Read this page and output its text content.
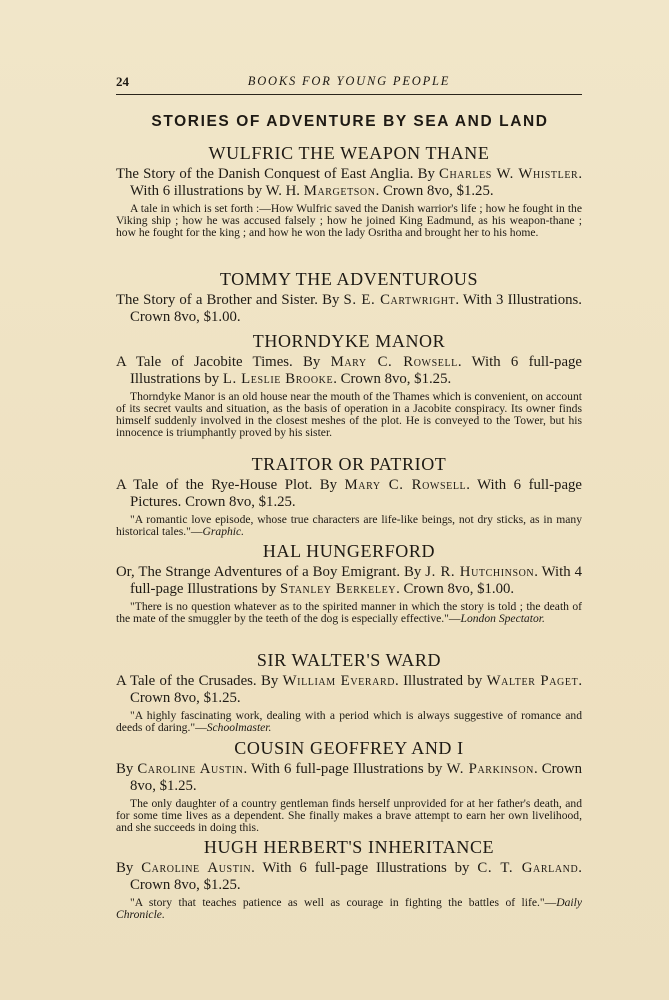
24	BOOKS FOR YOUNG PEOPLE
STORIES OF ADVENTURE BY SEA AND LAND
WULFRIC THE WEAPON THANE
The Story of the Danish Conquest of East Anglia. By Charles W. Whistler. With 6 illustrations by W. H. Margetson. Crown 8vo, $1.25.
A tale in which is set forth :—How Wulfric saved the Danish warrior's life ; how he fought in the Viking ship ; how he was accused falsely ; how he joined King Eadmund, as his weapon-thane ; how he fought for the king ; and how he won the lady Osritha and brought her to his home.
TOMMY THE ADVENTUROUS
The Story of a Brother and Sister. By S. E. Cartwright. With 3 Illustrations. Crown 8vo, $1.00.
THORNDYKE MANOR
A Tale of Jacobite Times. By Mary C. Rowsell. With 6 full-page Illustrations by L. Leslie Brooke. Crown 8vo, $1.25.
Thorndyke Manor is an old house near the mouth of the Thames which is convenient, on account of its secret vaults and situation, as the basis of operation in a Jacobite conspiracy. Its owner finds himself suddenly involved in the closest meshes of the plot. He is conveyed to the Tower, but his innocence is triumphantly proved by his sister.
TRAITOR OR PATRIOT
A Tale of the Rye-House Plot. By Mary C. Rowsell. With 6 full-page Pictures. Crown 8vo, $1.25.
"A romantic love episode, whose true characters are life-like beings, not dry sticks, as in many historical tales."—Graphic.
HAL HUNGERFORD
Or, The Strange Adventures of a Boy Emigrant. By J. R. Hutchinson. With 4 full-page Illustrations by Stanley Berkeley. Crown 8vo, $1.00.
"There is no question whatever as to the spirited manner in which the story is told ; the death of the mate of the smuggler by the teeth of the dog is especially effective."—London Spectator.
SIR WALTER'S WARD
A Tale of the Crusades. By William Everard. Illustrated by Walter Paget. Crown 8vo, $1.25.
"A highly fascinating work, dealing with a period which is always suggestive of romance and deeds of daring."—Schoolmaster.
COUSIN GEOFFREY AND I
By Caroline Austin. With 6 full-page Illustrations by W. Parkinson. Crown 8vo, $1.25.
The only daughter of a country gentleman finds herself unprovided for at her father's death, and for some time lives as a dependent. She finally makes a brave attempt to earn her own livelihood, and she succeeds in doing this.
HUGH HERBERT'S INHERITANCE
By Caroline Austin. With 6 full-page Illustrations by C. T. Garland. Crown 8vo, $1.25.
"A story that teaches patience as well as courage in fighting the battles of life."—Daily Chronicle.
